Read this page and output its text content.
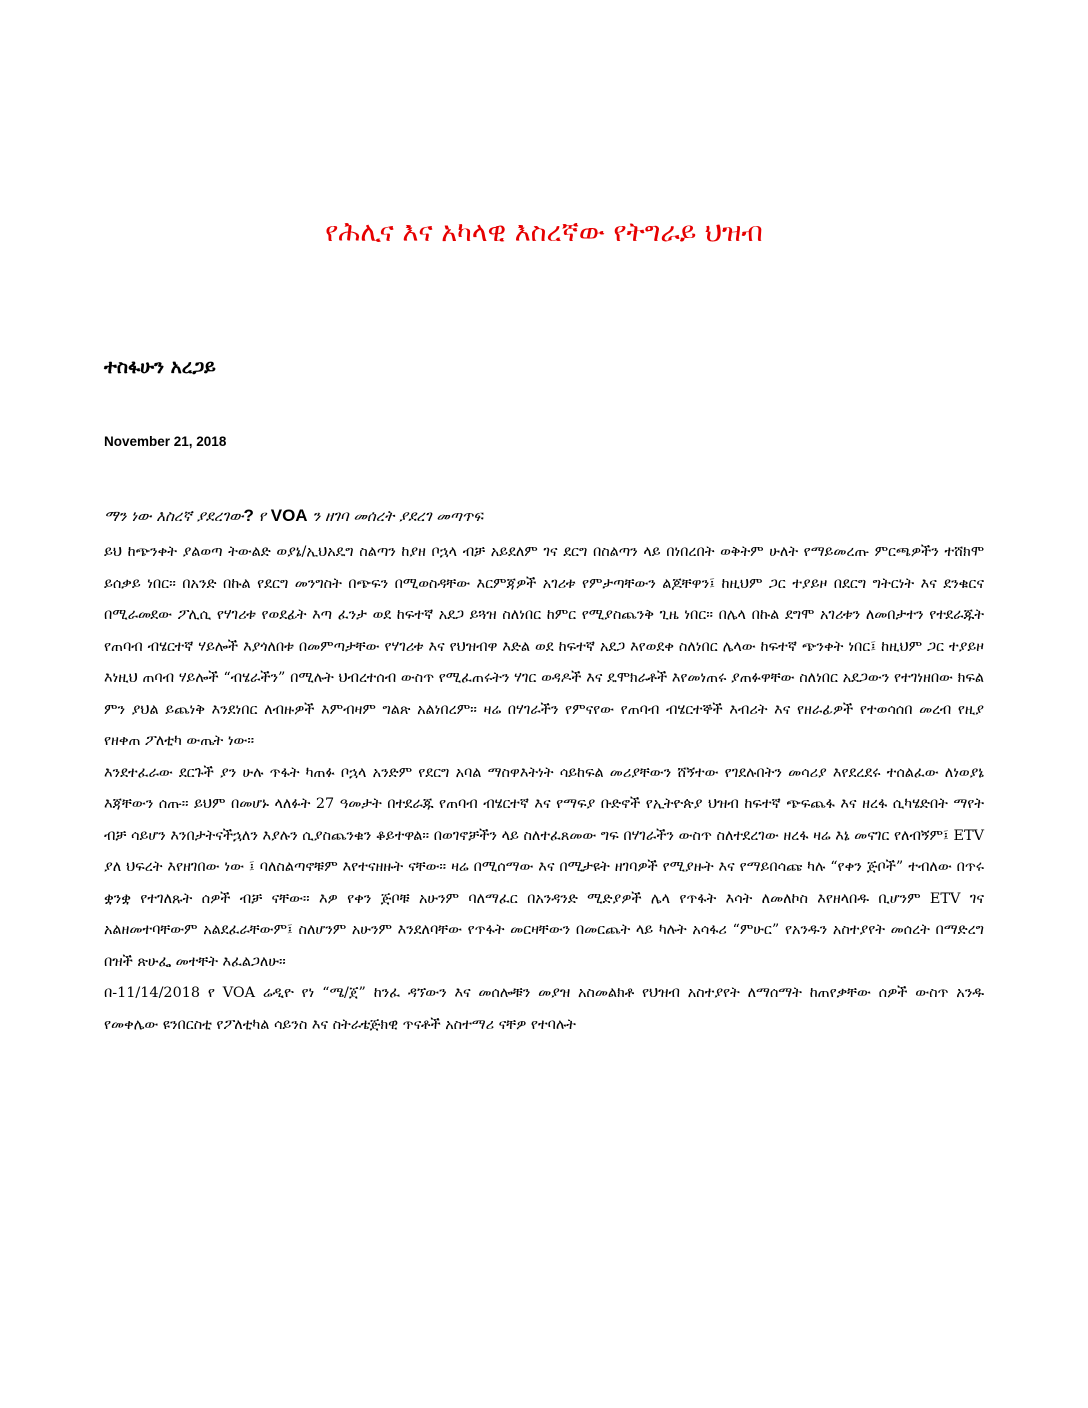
የሕሊና እና አካላዊ እስረኛው የትግራይ ህዝብ
ተስፋሁን አረጋይ
November 21, 2018
ማን ነው እስረኛ ያደረገው? የ VOA ን ዘገባ መሰረት ያደረገ መጣጥፍ

ይህ ከጭንቀት ያልወጣ ትውልድ ወያኔ/ኢህአዴግ ስልጣን ከያዘ ቦኋላ ብቻ አይደለም ገና ደርግ በስልጣን ላይ በነበረበት ወቅትም ሁለት የማይመረጡ ምርጫዎችን ተሸክሞ ይሰቃይ ነበር። በአንድ በኩል የደርግ መንግስት በጭፍን በሚወስዳቸው እርምጃዎች አገሪቱ የምታጣቸውን ልጆቸዋን፤ ከዚህም ጋር ተያይዞ በደርግ ግትርነት እና ደንቁርና በሚራመደው ፖሊሲ የሃገሪቱ የወደፊት እጣ ፈንታ ወደ ከፍተኛ አደጋ ይጓዝ ስለነበር ከምር የሚያስጨንቅ ጊዜ ነበር። በሌላ በኩል ደግሞ አገሪቱን ለመበታተን የተደራጁት የጠባብ ብሄርተኛ ሃይሎች እያጎለበቱ በመምጣታቸው የሃገሪቱ እና የህዝብዋ እድል ወደ ከፍተኛ አደጋ እየወደቀ ስለነበር ሌላው ከፍተኛ ጭንቀት ነበር፤ ከዚህም ጋር ተያይዞ እነዚህ ጠባብ ሃይሎች “ብሄራችን” በሚሉት ህብረተሰብ ውስጥ የሚፈጠሩትን ሃገር ወዳዶች እና ዴሞክራቶች እየመነጠሩ ያጠፉዋቸው ስለነበር አደጋውን የተገነዘበው ክፍል ምን ያህል ይጨነቅ እንደነበር ለብዙዎች እምብዛም ግልጽ አልነበረም። ዛሬ በሃገራችን የምናየው የጠባብ ብሄርተኞች እብሪት እና የዘራፊዎች የተወሳሰበ መረብ የዚያ የዘቀጠ ፖለቲካ ውጤት ነው።

እንደተፈራው ደርጉች ያን ሁሉ ጥፋት ካጠፉ ቦኋላ አንድም የደርግ አባል ማስዋእትነት ሳይከፍል መሪያቸውን ሸኝተው የገደሉበትን መሳሪያ እየደረደሩ ተሰልፈው ለነወያኔ እጃቸውን ሰጡ። ይህም በመሆኑ ላለፉት 27 ዓመታት በተደራጁ የጠባብ ብሄርተኛ እና የማፍያ ቡድኖች የኢትዮጵያ ህዝብ ከፍተኛ ጭፍጨፋ እና ዘረፋ ሲካሄድበት ማየት ብቻ ሳይሆን እንበታትናችኋለን እያሉን ሲያስጨንቁን ቆይተዋል። በወገኖቻችን ላይ ስለተፈጸመው ግፍ በሃገራችን ውስጥ ስለተደረገው ዘረፋ ዛሬ እኔ መናገር የለብኝም፤ ETV ያለ ህፍረት እየዘገበው ነው ፤ ባለስልጣኖቹም እየተናዘዙት ናቸው። ዛሬ በሚሰማው እና በሚታዩት ዘገባዎች የሚያዙት እና የማይበሳጩ ካሉ “የቀን ጅቦች” ተብለው በጥሩ ቋንቋ የተገለጹት ሰዎች ብቻ ናቸው። እዎ የቀን ጅቦቹ አሁንም ባለማፈር በአንዳንድ ሚድያዎች ሌላ የጥፋት እሳት ለመለኮስ እየዘላበዱ ቢሆንም ETV ገና አልዘመተባቸውም አልደፈራቸውም፤ ስለሆንም አሁንም እንደለባቸው የጥፋት መርዛቸውን በመርጨት ላይ ካሉት አሳፋሪ “ምሁር” የአንዱን አስተያየት መሰረት በማድረግ በዝች ጽሁፌ መተቸት እፈልጋለሁ።

በ-11/14/2018 የ VOA ሬዲዮ የነ “ሜ/ጀ” ከንፈ ዳኘውን እና መሰሎቹን መያዝ አስመልክቶ የህዝብ አስተያየት ለማሰማት ከጠየቃቸው ሰዎች ውስጥ አንዱ የመቀሌው ዩንበርስቲ የፖለቲካል ሳይንስ እና ስትራቴጅክዊ ጥናቶች አስተማሪ ናቸዎ የተባሉት
